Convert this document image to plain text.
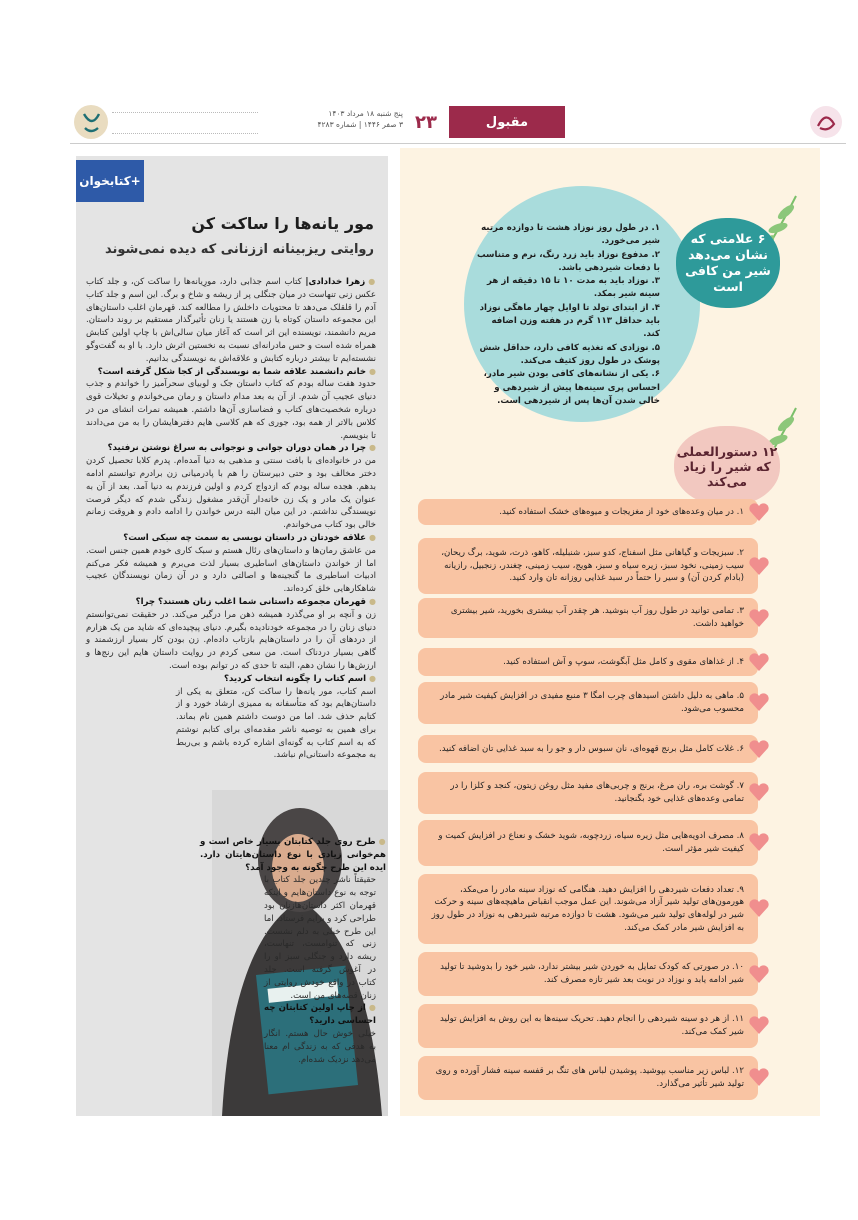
مقبول
۲۳
پنج شنبه ۱۸ مرداد ۱۴۰۳
۳ صفر ۱۴۴۶ | شماره ۴۲۸۳
+کتابخوان
مور یانه‌ها را ساکت کن
روایتی ریزبینانه اززنانی که دیده نمی‌شوند

● زهرا خدادادی| کتاب اسم جذابی دارد، مورِیانه‌ها را ساکت کن، و جلد کتاب عکس زنی تنهاست در میان جنگلی پر از ریشه و شاخ و برگ. این اسم و جلد کتاب آدم را قلقلک می‌دهد تا محتویات داخلش را مطالعه کند. قهرمان اغلب داستان‌های این مجموعه داستان کوتاه یا زن هستند یا زنان تأثیرگذار مستقیم بر روند داستان. مریم دانشمند، نویسنده این اثر است که آغاز میان سالی‌اش با چاپ اولین کتابش همراه شده است و حس مادرانه‌ای نسبت به نخستین اثرش دارد. با او به گفت‌وگو نشسته‌ایم تا بیشتر درباره کتابش و علاقه‌اش به نویسندگی بدانیم.

● خانم دانشمند علاقه شما به نویسندگی از کجا شکل گرفته است؟

حدود هفت ساله بودم که کتاب داستان جک و لوبیای سحرآمیز را خواندم و جذب دنیای عجیب آن شدم. از آن به بعد مدام داستان و رمان می‌خواندم و تخیلات قوی درباره شخصیت‌های کتاب و فضاسازی آن‌ها داشتم. همیشه نمرات انشای من در کلاس بالاتر از همه بود، جوری که هم کلاسی هایم دفترهایشان را به من می‌دادند تا بنویسم.

● چرا در همان دوران جوانی و نوجوانی به سراغ نوشتن نرفتید؟

من در خانواده‌ای با بافت سنتی و مذهبی به دنیا آمده‌ام. پدرم کلابا تحصیل کردن دختر مخالف بود و حتی دبیرستان را هم با پادرمیانی زن برادرم توانستم ادامه بدهم. هجده ساله بودم که ازدواج کردم و اولین فرزندم به دنیا آمد. بعد از آن به عنوان یک مادر و یک زن خانه‌دار آن‌قدر مشغول زندگی شدم که دیگر فرصت نویسندگی نداشتم. در این میان البته درس خواندن را ادامه دادم و هروقت زمانم خالی بود کتاب می‌خواندم.

● علاقه خودتان در داستان نویسی به سمت چه سبکی است؟

من عاشق رمان‌ها و داستان‌های رئال هستم و سبک کاری خودم همین جنس است. اما از خواندن داستان‌های اساطیری بسیار لذت می‌برم و همیشه فکر می‌کنم ادبیات اساطیری ما گنجینه‌ها و اصالتی دارد و در آن زمان نویسندگان عجیب شاهکارهایی خلق کرده‌اند.

● قهرمان مجموعه داستانی شما اغلب زنان هستند؟ چرا؟

زن و آنچه بر او می‌گذرد همیشه ذهن مرا درگیر می‌کند. در حقیقت نمی‌توانستم دنیای زنان را در مجموعه خودنادیده بگیرم. دنیای پیچیده‌ای که شاید من یک هزارم از دردهای آن را در داستان‌هایم بازتاب داده‌ام. زن بودن کار بسیار ارزشمند و گاهی بسیار دردناک است. من سعی کردم در روایت داستان هایم این رنج‌ها و ارزش‌ها را نشان دهم، البته تا حدی که در توانم بوده است.

● اسم کتاب را چگونه انتخاب کردید؟

اسم کتاب، مور یانه‌ها را ساکت کن، متعلق به یکی از داستان‌هایم بود که متأسفانه به ممیزی ارشاد خورد و از کتابم حذف شد. اما من دوست داشتم همین نام بماند. برای همین به توصیه ناشر مقدمه‌ای برای کتابم نوشتم که به اسم کتاب به گونه‌ای اشاره کرده باشم و بی‌ربط به مجموعه داستانی‌ام نباشد.

● طرح روی جلد کتابتان بسیار خاص است و هم‌خوانی زیادی با نوع داستان‌هایتان دارد. ایده این طرح چگونه به وجود آمد؟

حقیقتاً ناشر چندین جلد کتاب با توجه به نوع داستان‌هایم و اینکه قهرمان اکثر داستان‌هازنان بود طراحی کرد و برایم فرستاد. اما این طرح خیلی به دلم نشست. زنی که تنوامست، تنهاست، ریشه دارد و جنگلی سبز او را در آغوش گرفته است. جلد کتاب در واقع خودش روایتی از زنان قصه‌های من است.

● از چاپ اولین کتابتان چه احساسی دارید؟

خیلی خوش حال هستم. انگار به هدفی که به زندگی ام معنا می‌دهد نزدیک شده‌ام.

۱. در طول روز نوزاد هشت تا دوازده مرتبه شیر می‌خورد.

۲. مدفوع نوزاد باید زرد رنگ، نرم و متناسب با دفعات شیردهی باشد.

۳. نوزاد باید به مدت ۱۰ تا ۱۵ دقیقه از هر سینه شیر بمکد.

۴. از ابتدای تولد تا اوایل چهار ماهگی نوزاد باید حداقل ۱۱۳ گرم در هفته وزن اضافه کند.

۵. نوزادی که تغذیه کافی دارد، حداقل شش پوشک در طول روز کثیف می‌کند.

۶. یکی از نشانه‌های کافی بودن شیر مادر، احساس پری سینه‌ها پیش از شیردهی و خالی شدن آن‌ها پس از شیردهی است.

۶ علامتی که نشان می‌دهد شیر من کافی است
۱۲ دستورالعملی که شیر را زیاد می‌کند
۱. در میان وعده‌های خود از مغزیجات و میوه‌های خشک استفاده کنید.
۲. سبزیجات و گیاهانی مثل اسفناج، کدو سبز، شنبلیله، کاهو، ذرت، شوید، برگ ریحان، سیب زمینی، نخود سبز، زیره سیاه و سبز، هویج، سیب زمینی، چغندر، زنجبیل، رازیانه (بادام کردن آن) و سیر را حتماً در سبد غذایی روزانه تان وارد کنید.
۳. تمامی توانید در طول روز آب بنوشید. هر چقدر آب بیشتری بخورید، شیر بیشتری خواهید داشت.
۴. از غذاهای مقوی و کامل مثل آبگوشت، سوپ و آش استفاده کنید.
۵. ماهی به دلیل داشتن اسیدهای چرب امگا ۳ منبع مفیدی در افزایش کیفیت شیر مادر محسوب می‌شود.
۶. غلات کامل مثل برنج قهوه‌ای، نان سبوس دار و جو را به سبد غذایی تان اضافه کنید.
۷. گوشت بره، ران مرغ، برنج و چربی‌های مفید مثل روغن زیتون، کنجد و کلزا را در تمامی وعده‌های غذایی خود بگنجانید.
۸. مصرف ادویه‌هایی مثل زیره سیاه، زردچوبه، شوید خشک و نعناع در افزایش کمیت و کیفیت شیر مؤثر است.
۹. تعداد دفعات شیردهی را افزایش دهید. هنگامی که نوزاد سینه مادر را می‌مکد، هورمون‌های تولید شیر آزاد می‌شوند. این عمل موجب انقباض ماهیچه‌های سینه و حرکت شیر در لوله‌های تولید شیر می‌شود. هشت تا دوازده مرتبه شیردهی به نوزاد در طول روز به افزایش شیر مادر کمک می‌کند.
۱۰. در صورتی که کودک تمایل به خوردن شیر بیشتر ندارد، شیر خود را بدوشید تا تولید شیر ادامه یابد و نوزاد در نوبت بعد شیر تازه مصرف کند.
۱۱. از هر دو سینه شیردهی را انجام دهید. تحریک سینه‌ها به این روش به افزایش تولید شیر کمک می‌کند.
۱۲. لباس زیر مناسب بپوشید. پوشیدن لباس های تنگ بر قفسه سینه فشار آورده و روی تولید شیر تأثیر می‌گذارد.
